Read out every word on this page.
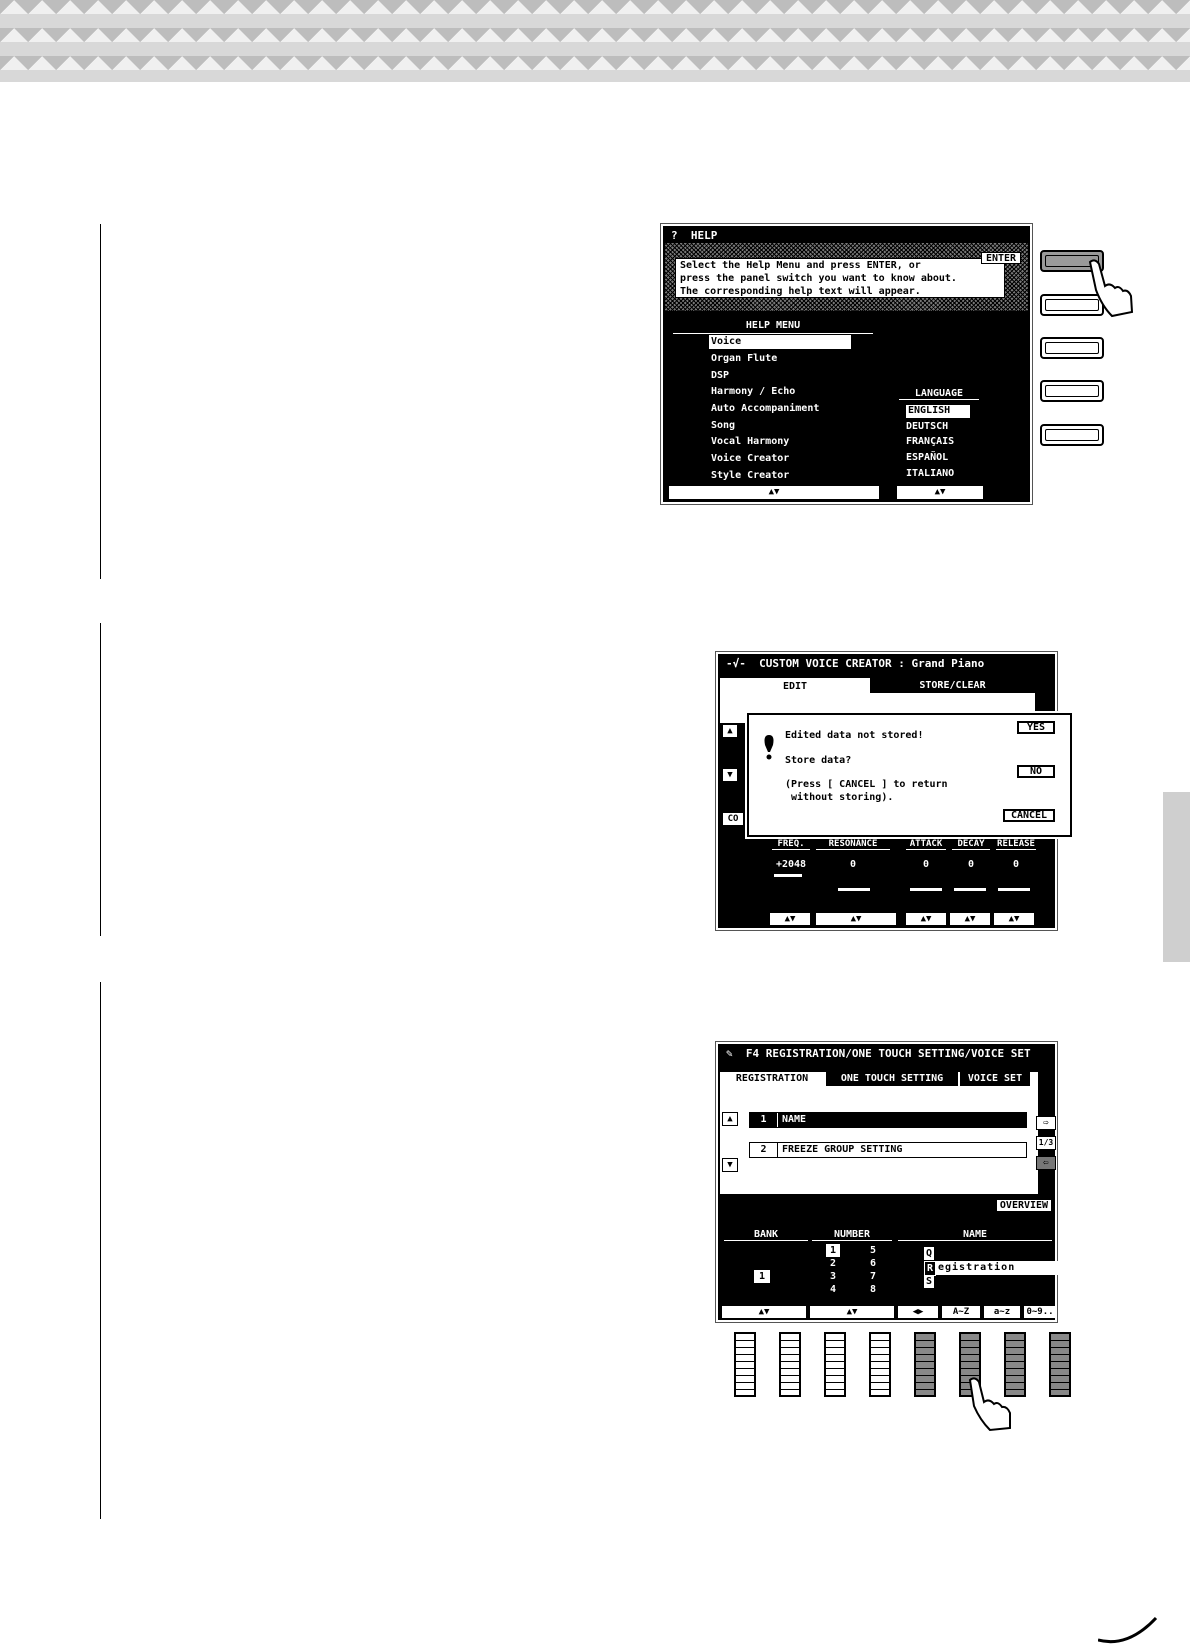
? HELP
Select the Help Menu and press ENTER, or
press the panel switch you want to know about.
The corresponding help text will appear.
ENTER
HELP MENU
Voice
Organ Flute
DSP
Harmony / Echo
Auto Accompaniment
Song
Vocal Harmony
Voice Creator
Style Creator
LANGUAGE
ENGLISH
DEUTSCH
FRANÇAIS
ESPAÑOL
ITALIANO
▲▼	▲▼
-√- CUSTOM VOICE CREATOR : Grand Piano
EDIT	STORE/CLEAR
▲
▼
CO
Edited data not stored!
Store data?
(Press [ CANCEL ] to return
without storing).
YES
NO
CANCEL
FREQ.	RESONANCE	ATTACK	DECAY	RELEASE
+2048	0	0	0	0
▲▼	▲▼	▲▼	▲▼	▲▼
✎ F4 REGISTRATION/ONE TOUCH SETTING/VOICE SET
REGISTRATION	ONE TOUCH SETTING	VOICE SET
1 NAME
2 FREEZE GROUP SETTING
▲
▼
⇨
1/3
⇦
OVERVIEW
BANK	NUMBER	NAME
1
1	5
2	6
3	7
4	8
Q
R
S
egistration
▲▼	▲▼	◀▶	A~Z	a~z	0~9..
